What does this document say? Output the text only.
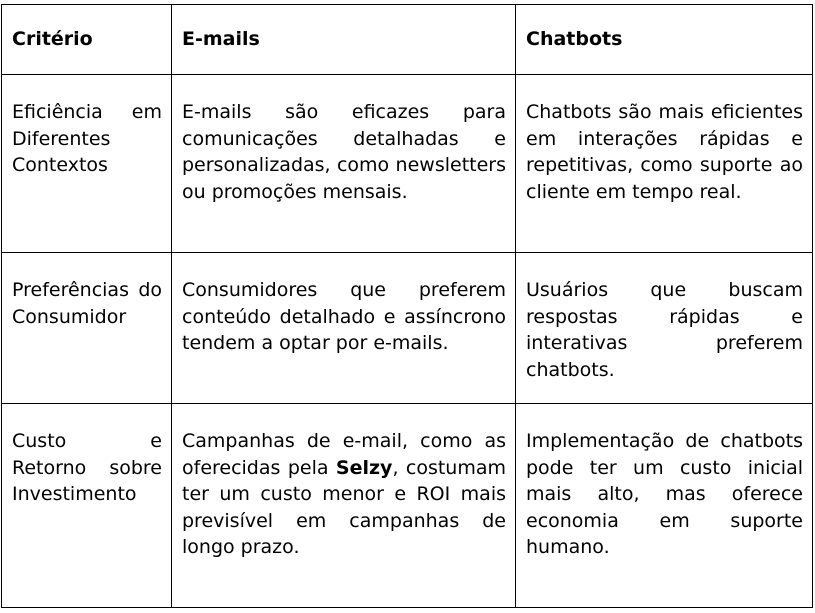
Critério	E-mails	Chatbots

Eficiência em Diferentes Contextos	E-mails são eficazes para comunicações detalhadas e personalizadas, como newsletters ou promoções mensais.	Chatbots são mais eficientes em interações rápidas e repetitivas, como suporte ao cliente em tempo real.

Preferências do Consumidor	Consumidores que preferem conteúdo detalhado e assíncrono tendem a optar por e-mails.	Usuários que buscam respostas rápidas e interativas preferem chatbots.

Custo e Retorno sobre Investimento	Campanhas de e-mail, como as oferecidas pela Selzy, costumam ter um custo menor e ROI mais previsível em campanhas de longo prazo.	Implementação de chatbots pode ter um custo inicial mais alto, mas oferece economia em suporte humano.
